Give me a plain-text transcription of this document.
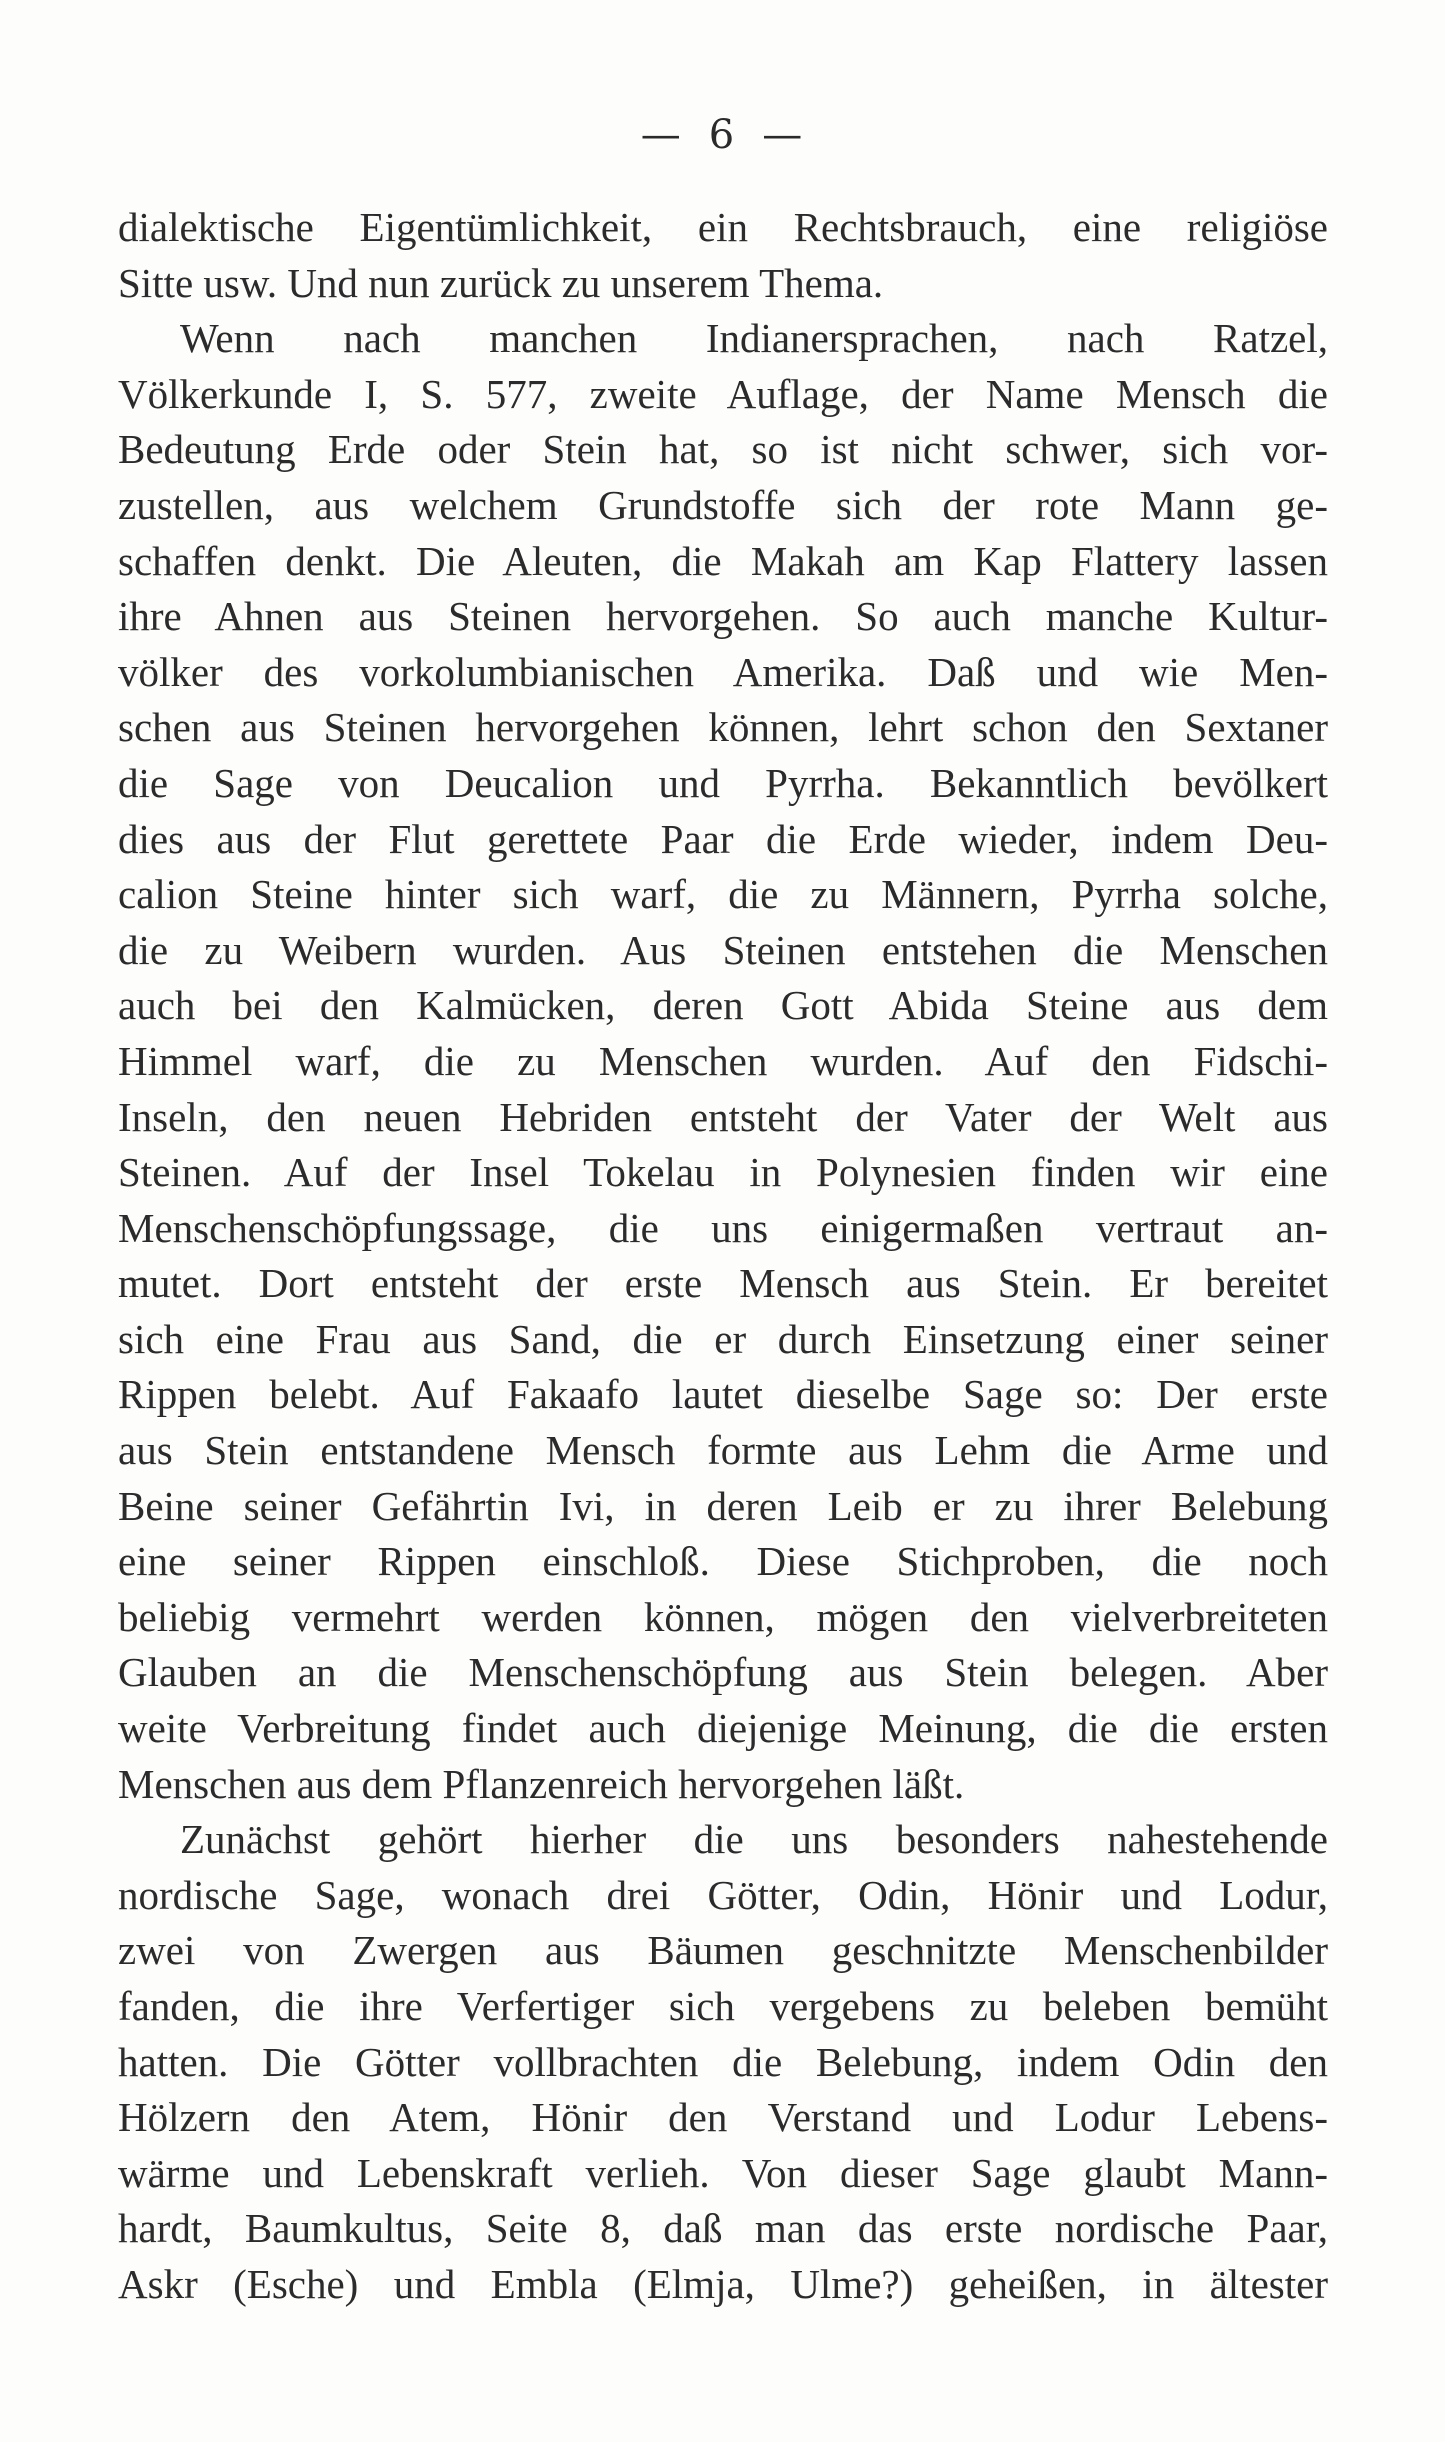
— 6 —
dialektische Eigentümlichkeit, ein Rechtsbrauch, eine religiöse
Sitte usw. Und nun zurück zu unserem Thema.
Wenn nach manchen Indianersprachen, nach Ratzel,
Völkerkunde I, S. 577, zweite Auflage, der Name Mensch die
Bedeutung Erde oder Stein hat, so ist nicht schwer, sich vor-
zustellen, aus welchem Grundstoffe sich der rote Mann ge-
schaffen denkt. Die Aleuten, die Makah am Kap Flattery lassen
ihre Ahnen aus Steinen hervorgehen. So auch manche Kultur-
völker des vorkolumbianischen Amerika. Daß und wie Men-
schen aus Steinen hervorgehen können, lehrt schon den Sextaner
die Sage von Deucalion und Pyrrha. Bekanntlich bevölkert
dies aus der Flut gerettete Paar die Erde wieder, indem Deu-
calion Steine hinter sich warf, die zu Männern, Pyrrha solche,
die zu Weibern wurden. Aus Steinen entstehen die Menschen
auch bei den Kalmücken, deren Gott Abida Steine aus dem
Himmel warf, die zu Menschen wurden. Auf den Fidschi-
Inseln, den neuen Hebriden entsteht der Vater der Welt aus
Steinen. Auf der Insel Tokelau in Polynesien finden wir eine
Menschenschöpfungssage, die uns einigermaßen vertraut an-
mutet. Dort entsteht der erste Mensch aus Stein. Er bereitet
sich eine Frau aus Sand, die er durch Einsetzung einer seiner
Rippen belebt. Auf Fakaafo lautet dieselbe Sage so: Der erste
aus Stein entstandene Mensch formte aus Lehm die Arme und
Beine seiner Gefährtin Ivi, in deren Leib er zu ihrer Belebung
eine seiner Rippen einschloß. Diese Stichproben, die noch
beliebig vermehrt werden können, mögen den vielverbreiteten
Glauben an die Menschenschöpfung aus Stein belegen. Aber
weite Verbreitung findet auch diejenige Meinung, die die ersten
Menschen aus dem Pflanzenreich hervorgehen läßt.
Zunächst gehört hierher die uns besonders nahestehende
nordische Sage, wonach drei Götter, Odin, Hönir und Lodur,
zwei von Zwergen aus Bäumen geschnitzte Menschenbilder
fanden, die ihre Verfertiger sich vergebens zu beleben bemüht
hatten. Die Götter vollbrachten die Belebung, indem Odin den
Hölzern den Atem, Hönir den Verstand und Lodur Lebens-
wärme und Lebenskraft verlieh. Von dieser Sage glaubt Mann-
hardt, Baumkultus, Seite 8, daß man das erste nordische Paar,
Askr (Esche) und Embla (Elmja, Ulme?) geheißen, in ältester
